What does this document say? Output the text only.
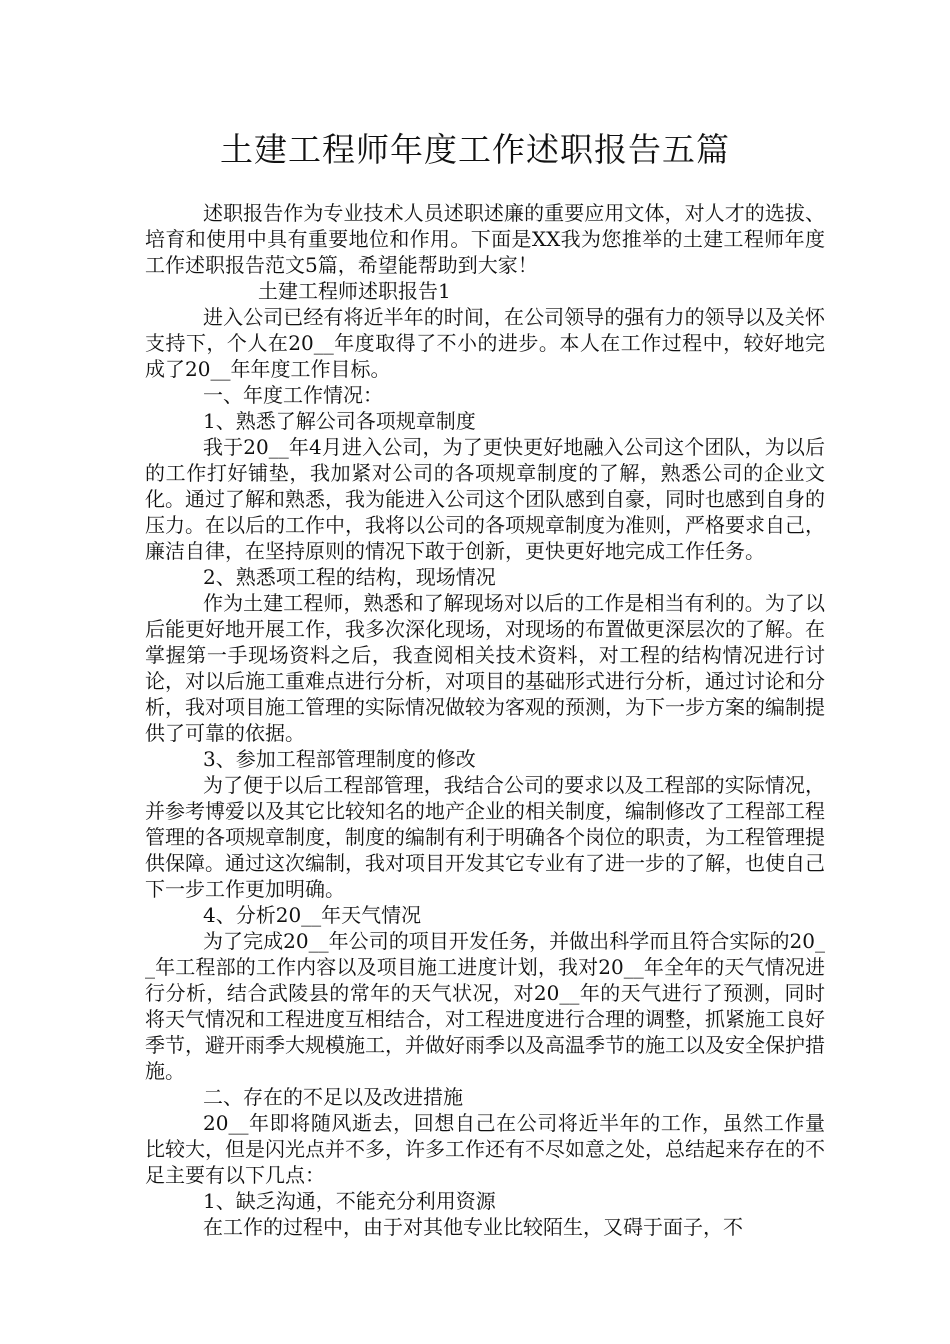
土建工程师年度工作述职报告五篇

述职报告作为专业技术人员述职述廉的重要应用文体，对人才的选拔、培育和使用中具有重要地位和作用。下面是XX我为您推举的土建工程师年度工作述职报告范文5篇，希望能帮助到大家！

土建工程师述职报告1

进入公司已经有将近半年的时间，在公司领导的强有力的领导以及关怀支持下，个人在20__年度取得了不小的进步。本人在工作过程中，较好地完成了20__年年度工作目标。

一、年度工作情况：

1、熟悉了解公司各项规章制度

我于20__年4月进入公司，为了更快更好地融入公司这个团队，为以后的工作打好铺垫，我加紧对公司的各项规章制度的了解，熟悉公司的企业文化。通过了解和熟悉，我为能进入公司这个团队感到自豪，同时也感到自身的压力。在以后的工作中，我将以公司的各项规章制度为准则，严格要求自己，廉洁自律，在坚持原则的情况下敢于创新，更快更好地完成工作任务。

2、熟悉项工程的结构，现场情况

作为土建工程师，熟悉和了解现场对以后的工作是相当有利的。为了以后能更好地开展工作，我多次深化现场，对现场的布置做更深层次的了解。在掌握第一手现场资料之后，我查阅相关技术资料，对工程的结构情况进行讨论，对以后施工重难点进行分析，对项目的基础形式进行分析，通过讨论和分析，我对项目施工管理的实际情况做较为客观的预测，为下一步方案的编制提供了可靠的依据。

3、参加工程部管理制度的修改

为了便于以后工程部管理，我结合公司的要求以及工程部的实际情况，并参考博爱以及其它比较知名的地产企业的相关制度，编制修改了工程部工程管理的各项规章制度，制度的编制有利于明确各个岗位的职责，为工程管理提供保障。通过这次编制，我对项目开发其它专业有了进一步的了解，也使自己下一步工作更加明确。

4、分析20__年天气情况

为了完成20__年公司的项目开发任务，并做出科学而且符合实际的20__年工程部的工作内容以及项目施工进度计划，我对20__年全年的天气情况进行分析，结合武陵县的常年的天气状况，对20__年的天气进行了预测，同时将天气情况和工程进度互相结合，对工程进度进行合理的调整，抓紧施工良好季节，避开雨季大规模施工，并做好雨季以及高温季节的施工以及安全保护措施。

二、存在的不足以及改进措施

20__年即将随风逝去，回想自己在公司将近半年的工作，虽然工作量比较大，但是闪光点并不多，许多工作还有不尽如意之处，总结起来存在的不足主要有以下几点：

1、缺乏沟通，不能充分利用资源

在工作的过程中，由于对其他专业比较陌生，又碍于面子，不
